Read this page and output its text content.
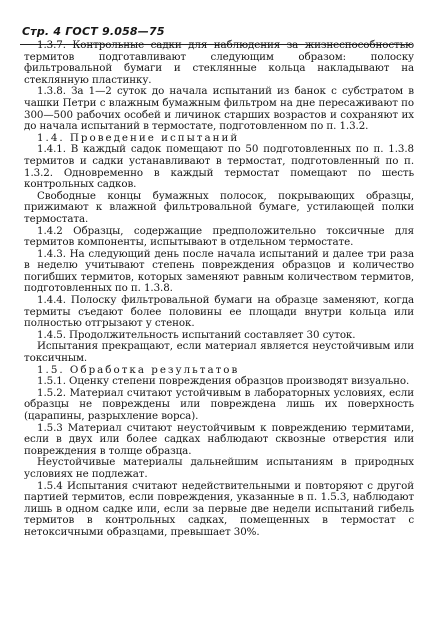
Стр. 4 ГОСТ 9.058—75

1.3.7. Контрольные садки для наблюдения за жизнеспособностью термитов подготавливают следующим образом: полоску фильтровальной бумаги и стеклянные кольца накладывают на стеклянную пластинку.

1.3.8. За 1—2 суток до начала испытаний из банок с субстратом в чашки Петри с влажным бумажным фильтром на дне пересаживают по 300—500 рабочих особей и личинок старших возрастов и сохраняют их до начала испытаний в термостате, подготовленном по п. 1.3.2.

1.4. Проведение испытаний

1.4.1. В каждый садок помещают по 50 подготовленных по п. 1.3.8 термитов и садки устанавливают в термостат, подготовленный по п. 1.3.2. Одновременно в каждый термостат помещают по шесть контрольных садков.

Свободные концы бумажных полосок, покрывающих образцы, прижимают к влажной фильтровальной бумаге, устилающей полки термостата.

1.4.2 Образцы, содержащие предположительно токсичные для термитов компоненты, испытывают в отдельном термостате.

1.4.3. На следующий день после начала испытаний и далее три раза в неделю учитывают степень повреждения образцов и количество погибших термитов, которых заменяют равным количеством термитов, подготовленных по п. 1.3.8.

1.4.4. Полоску фильтровальной бумаги на образце заменяют, когда термиты съедают более половины ее площади внутри кольца или полностью отгрызают у стенок.

1.4.5. Продолжительность испытаний составляет 30 суток.

Испытания прекращают, если материал является неустойчивым или токсичным.

1.5. Обработка результатов

1.5.1. Оценку степени повреждения образцов производят визуально.

1.5.2. Материал считают устойчивым в лабораторных условиях, если образцы не повреждены или повреждена лишь их поверхность (царапины, разрыхление ворса).

1.5.3 Материал считают неустойчивым к повреждению термитами, если в двух или более садках наблюдают сквозные отверстия или повреждения в толще образца.

Неустойчивые материалы дальнейшим испытаниям в природных условиях не подлежат.

1.5.4 Испытания считают недействительными и повторяют с другой партией термитов, если повреждения, указанные в п. 1.5.3, наблюдают лишь в одном садке или, если за первые две недели испытаний гибель термитов в контрольных садках, помещенных в термостат с нетоксичными образцами, превышает 30%.
